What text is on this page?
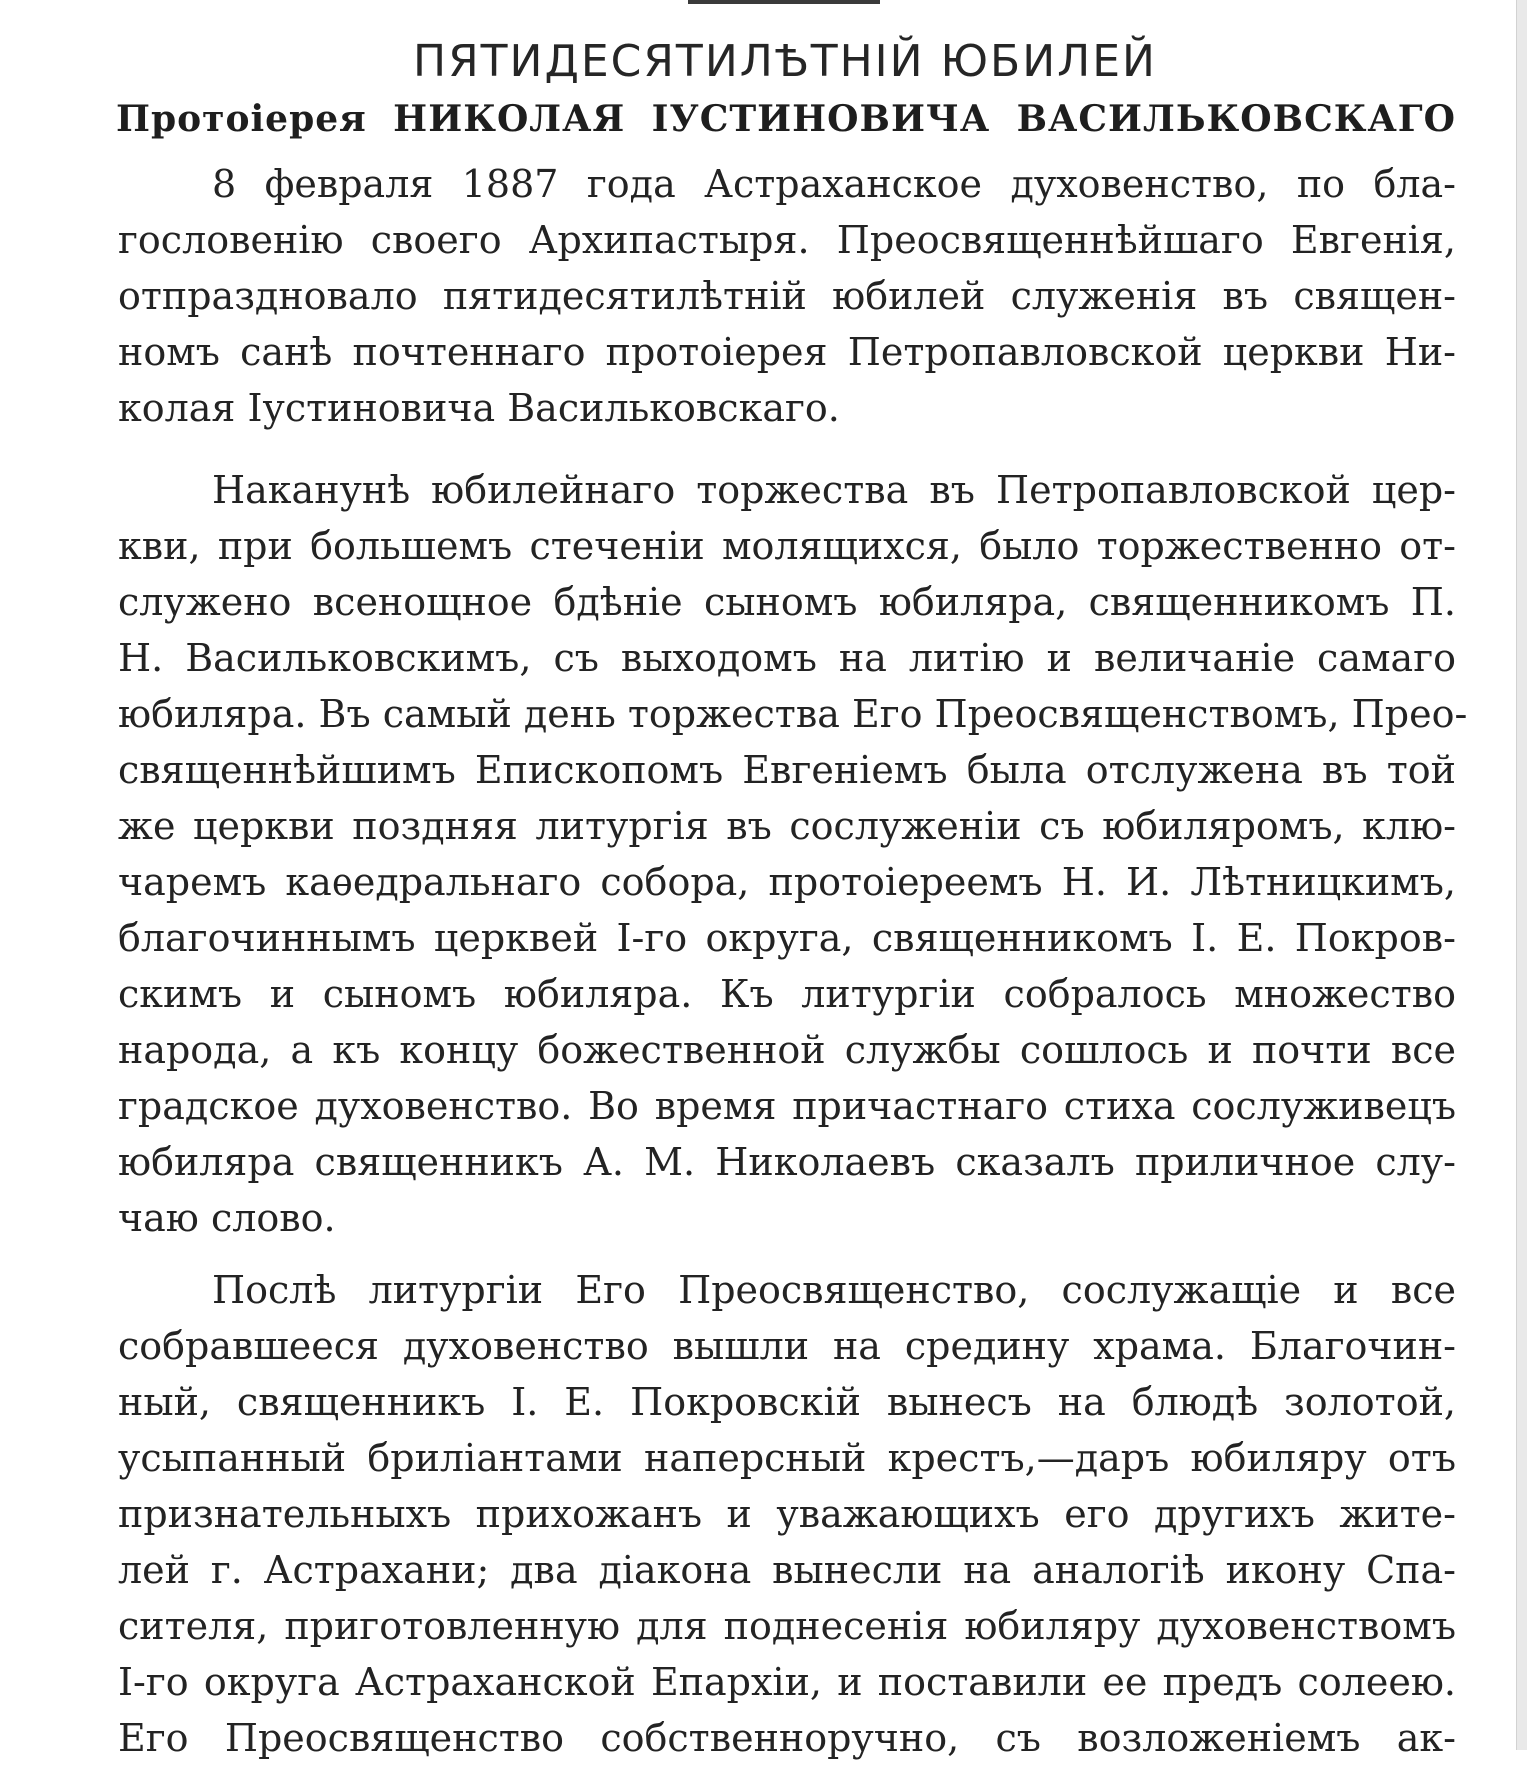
ПЯТИДЕСЯТИЛѢТНІЙ ЮБИЛЕЙ
Протоіерея НИКОЛАЯ ІУСТИНОВИЧА ВАСИЛЬКОВСКАГО
8 февраля 1887 года Астраханское духовенство, по бла-
гословенію своего Архипастыря. Преосвященнѣйшаго Евгенія,
отпраздновало пятидесятилѣтній юбилей служенія въ священ-
номъ санѣ почтеннаго протоіерея Петропавловской церкви Ни-
колая Іустиновича Васильковскаго.
Наканунѣ юбилейнаго торжества въ Петропавловской цер-
кви, при большемъ стеченіи молящихся, было торжественно от-
служено всенощное бдѣніе сыномъ юбиляра, священникомъ П.
Н. Васильковскимъ, съ выходомъ на литію и величаніе самаго
юбиляра. Въ самый день торжества Его Преосвященствомъ, Прео-
священнѣйшимъ Епископомъ Евгеніемъ была отслужена въ той
же церкви поздняя литургія въ сослуженіи съ юбиляромъ, клю-
чаремъ каѳедральнаго собора, протоіереемъ Н. И. Лѣтницкимъ,
благочиннымъ церквей І-го округа, священникомъ І. Е. Покров-
скимъ и сыномъ юбиляра. Къ литургіи собралось множество
народа, а къ концу божественной службы сошлось и почти все
градское духовенство. Во время причастнаго стиха сослуживецъ
юбиляра священникъ А. М. Николаевъ сказалъ приличное слу-
чаю слово.
Послѣ литургіи Его Преосвященство, сослужащіе и все
собравшееся духовенство вышли на средину храма. Благочин-
ный, священникъ І. Е. Покровскій вынесъ на блюдѣ золотой,
усыпанный бриліантами наперсный крестъ,—даръ юбиляру отъ
признательныхъ прихожанъ и уважающихъ его другихъ жите-
лей г. Астрахани; два діакона вынесли на аналогіѣ икону Спа-
сителя, приготовленную для поднесенія юбиляру духовенствомъ
І-го округа Астраханской Епархіи, и поставили ее предъ солеею.
Его Преосвященство собственноручно, съ возложеніемъ ак-
